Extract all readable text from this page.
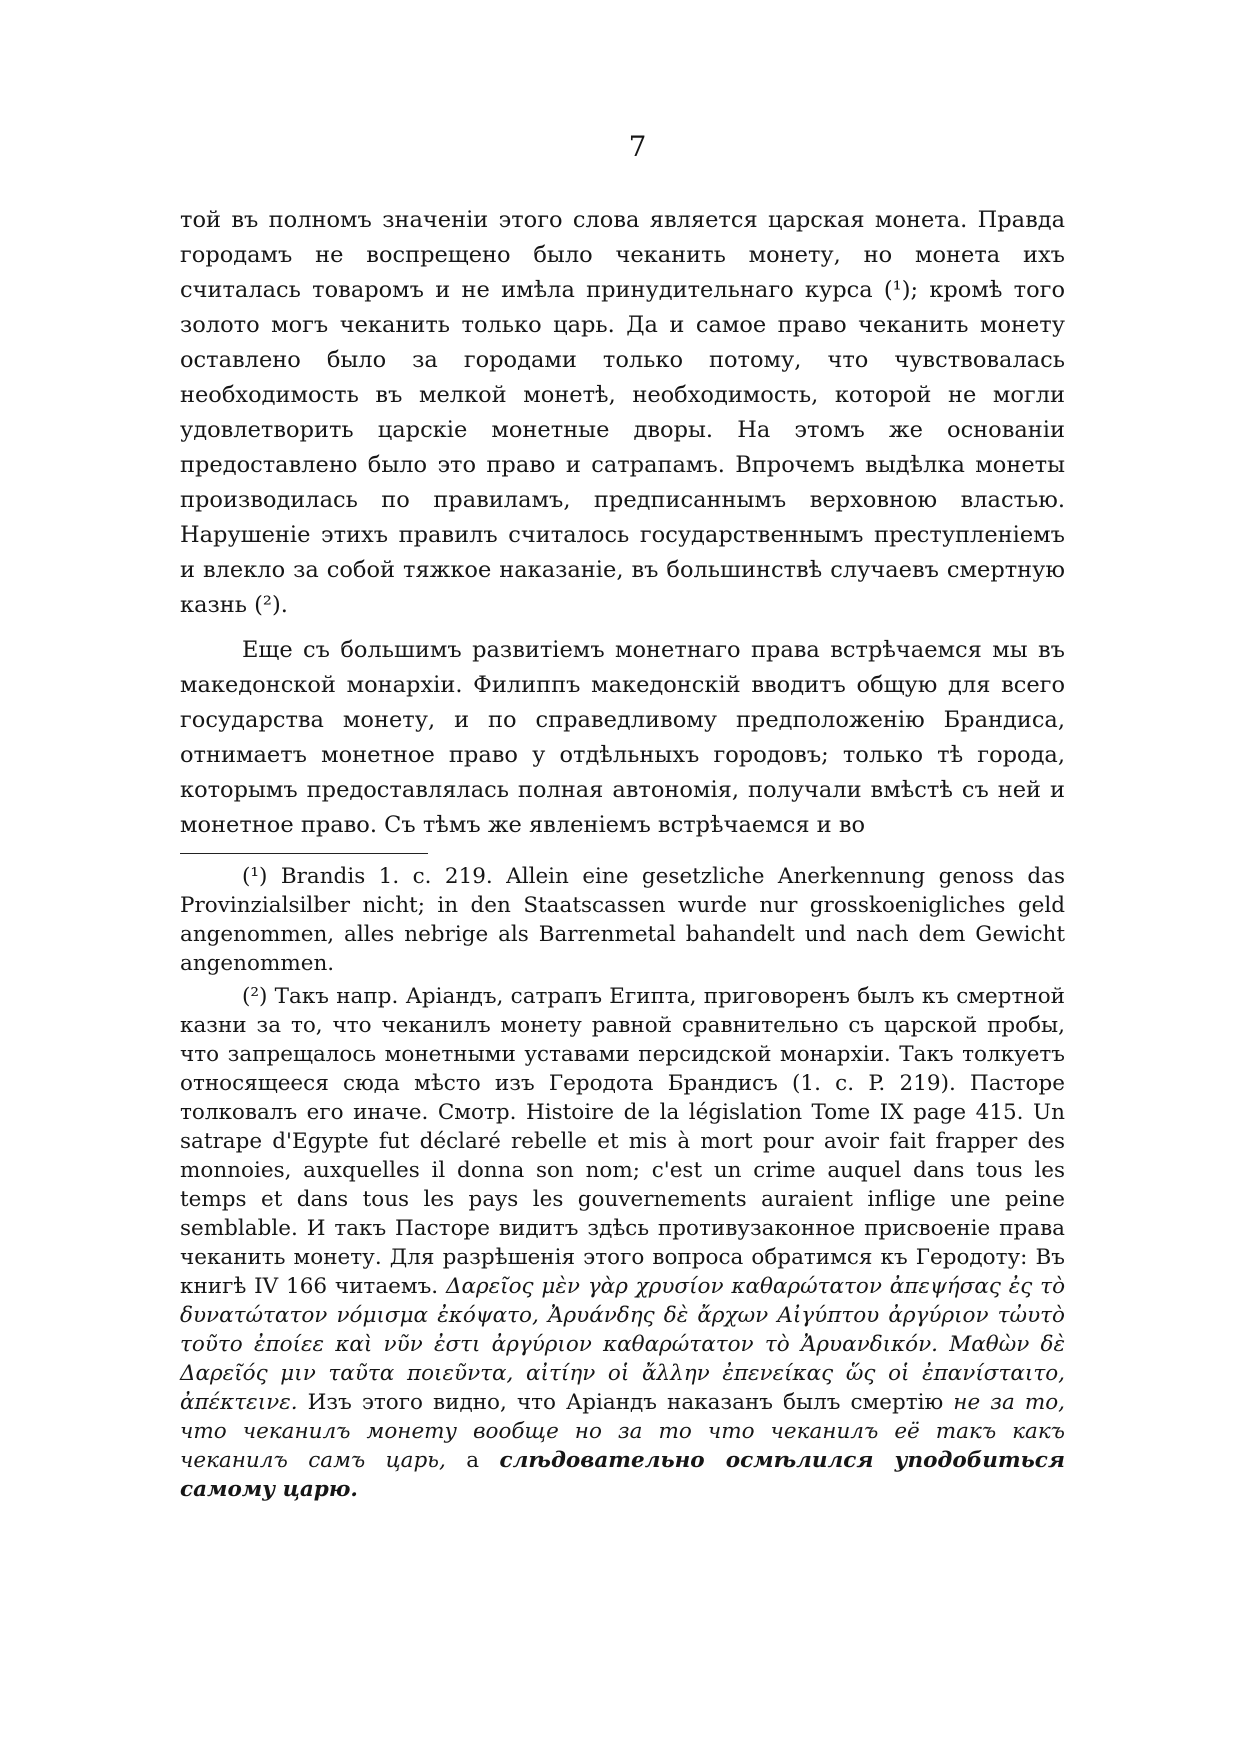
7

той въ полномъ значеніи этого слова является царская монета. Правда городамъ не воспрещено было чеканить монету, но монета ихъ считалась товаромъ и не имѣла принудительнаго курса (¹); кромѣ того золото могъ чеканить только царь. Да и самое право чеканить монету оставлено было за городами только потому, что чувствовалась необходимость въ мелкой монетѣ, необходимость, которой не могли удовлетворить царскіе монетные дворы. На этомъ же основаніи предоставлено было это право и сатрапамъ. Впрочемъ выдѣлка монеты производилась по правиламъ, предписаннымъ верховною властью. Нарушеніе этихъ правилъ считалось государственнымъ преступленіемъ и влекло за собой тяжкое наказаніе, въ большинствѣ случаевъ смертную казнь (²).

Еще съ большимъ развитіемъ монетнаго права встрѣчаемся мы въ македонской монархіи. Филиппъ македонскій вводитъ общую для всего государства монету, и по справедливому предположенію Брандиса, отнимаетъ монетное право у отдѣльныхъ городовъ; только тѣ города, которымъ предоставлялась полная автономія, получали вмѣстѣ съ ней и монетное право. Съ тѣмъ же явленіемъ встрѣчаемся и во

(¹) Brandis 1. c. 219. Allein eine gesetzliche Anerkennung genoss das Provinzialsilber nicht; in den Staatscassen wurde nur grosskoenigliches geld angenommen, alles nebrige als Barrenmetal bahandelt und nach dem Gewicht angenommen.

(²) Такъ напр. Аріандъ, сатрапъ Египта, приговоренъ былъ къ смертной казни за то, что чеканилъ монету равной сравнительно съ царской пробы, что запрещалось монетными уставами персидской монархіи. Такъ толкуетъ относящееся сюда мѣсто изъ Геродота Брандисъ (1. с. P. 219). Пасторе толковалъ его иначе. Смотр. Histoire de la législation Tome IX page 415. Un satrape d'Egypte fut déclaré rebelle et mis à mort pour avoir fait frapper des monnoies, auxquelles il donna son nom; c'est un crime auquel dans tous les temps et dans tous les pays les gouvernements auraient inflige une peine semblable. И такъ Пасторе видитъ здѣсь противузаконное присвоеніе права чеканить монету. Для разрѣшенія этого вопроса обратимся къ Геродоту: Въ книгѣ IV 166 читаемъ. Δαρεῖος μὲν γὰρ χρυσίον καθαρώτατον ἀπεψήσας ἐς τὸ δυνατώτατον νόμισμα ἐκόψατο, Ἀρυάνδης δὲ ἄρχων Αἰγύπτου ἀργύριον τὠυτὸ τοῦτο ἐποίεε καὶ νῦν ἐστι ἀργύριον καθαρώτατον τὸ Ἀρυανδικόν. Μαθὼν δὲ Δαρεῖός μιν ταῦτα ποιεῦντα, αἰτίην οἱ ἄλλην ἐπενείκας ὥς οἱ ἐπανίσταιτο, ἀπέκτεινε. Изъ этого видно, что Аріандъ наказанъ былъ смертію не за то, что чеканилъ монету вообще но за то что чеканилъ её такъ какъ чеканилъ самъ царь, а слѣдовательно осмѣлился уподобиться самому царю.
